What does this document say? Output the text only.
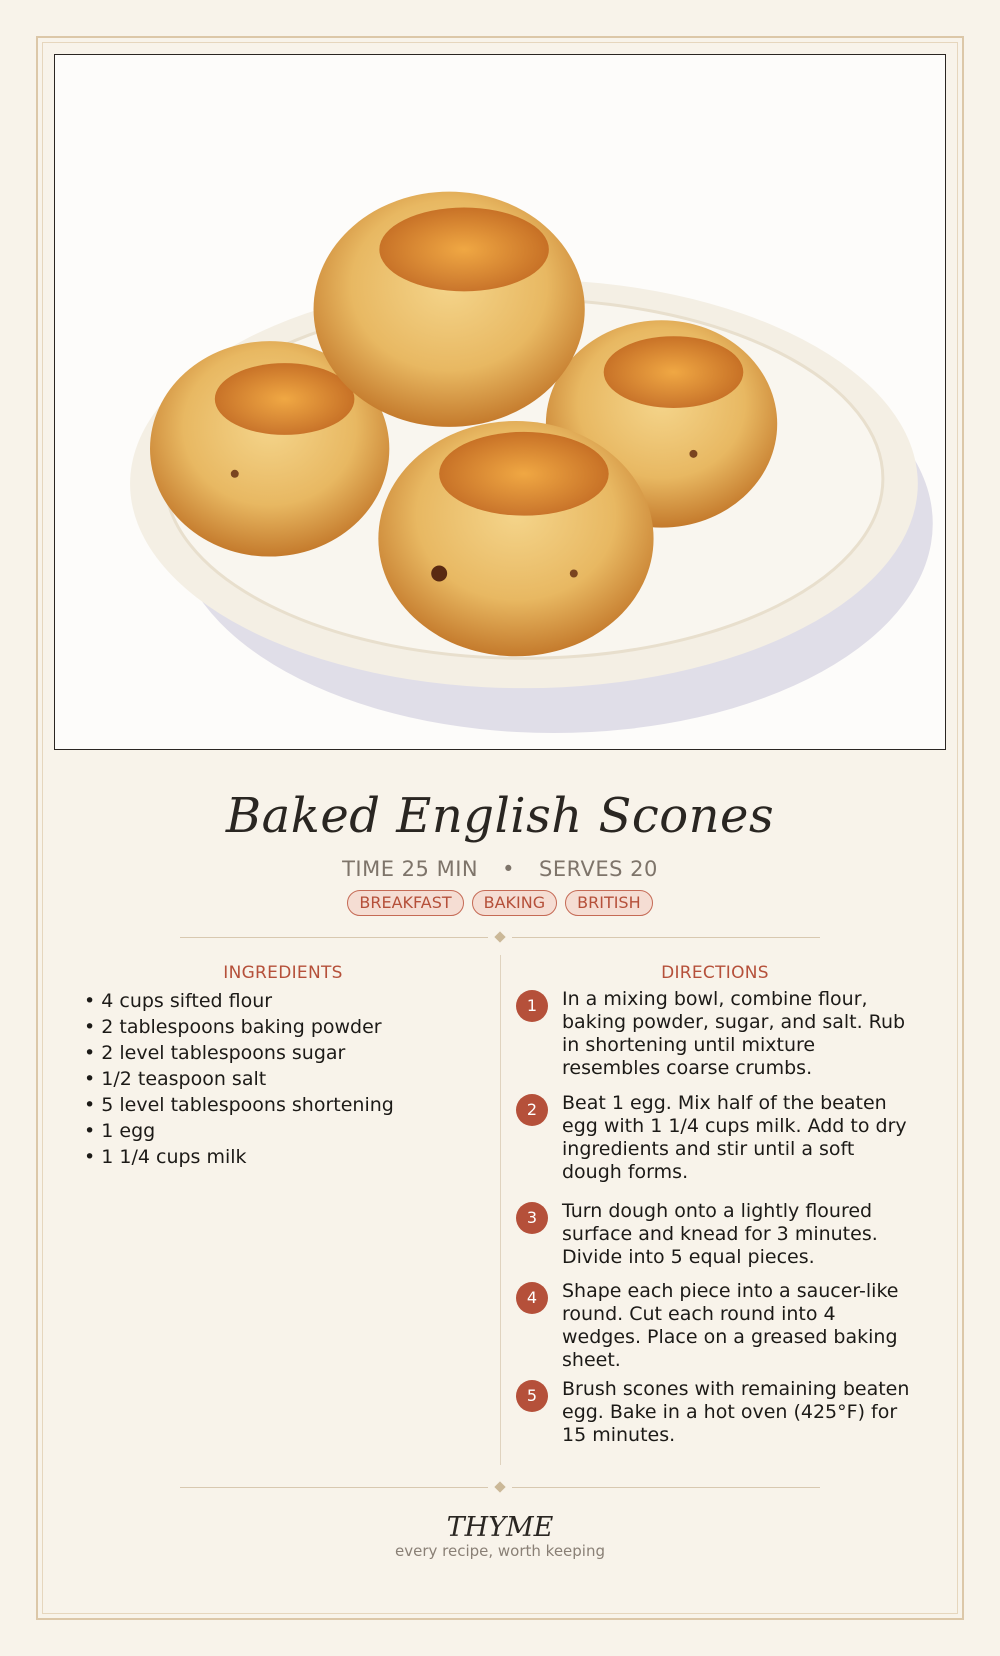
Baked English Scones
TIME 25 MIN • SERVES 20
BREAKFAST	BAKING	BRITISH
INGREDIENTS
• 4 cups sifted flour
• 2 tablespoons baking powder
• 2 level tablespoons sugar
• 1/2 teaspoon salt
• 5 level tablespoons shortening
• 1 egg
• 1 1/4 cups milk
DIRECTIONS
1	In a mixing bowl, combine flour, baking powder, sugar, and salt. Rub in shortening until mixture resembles coarse crumbs.
2	Beat 1 egg. Mix half of the beaten egg with 1 1/4 cups milk. Add to dry ingredients and stir until a soft dough forms.
3	Turn dough onto a lightly floured surface and knead for 3 minutes. Divide into 5 equal pieces.
4	Shape each piece into a saucer-like round. Cut each round into 4 wedges. Place on a greased baking sheet.
5	Brush scones with remaining beaten egg. Bake in a hot oven (425°F) for 15 minutes.
THYME
every recipe, worth keeping
